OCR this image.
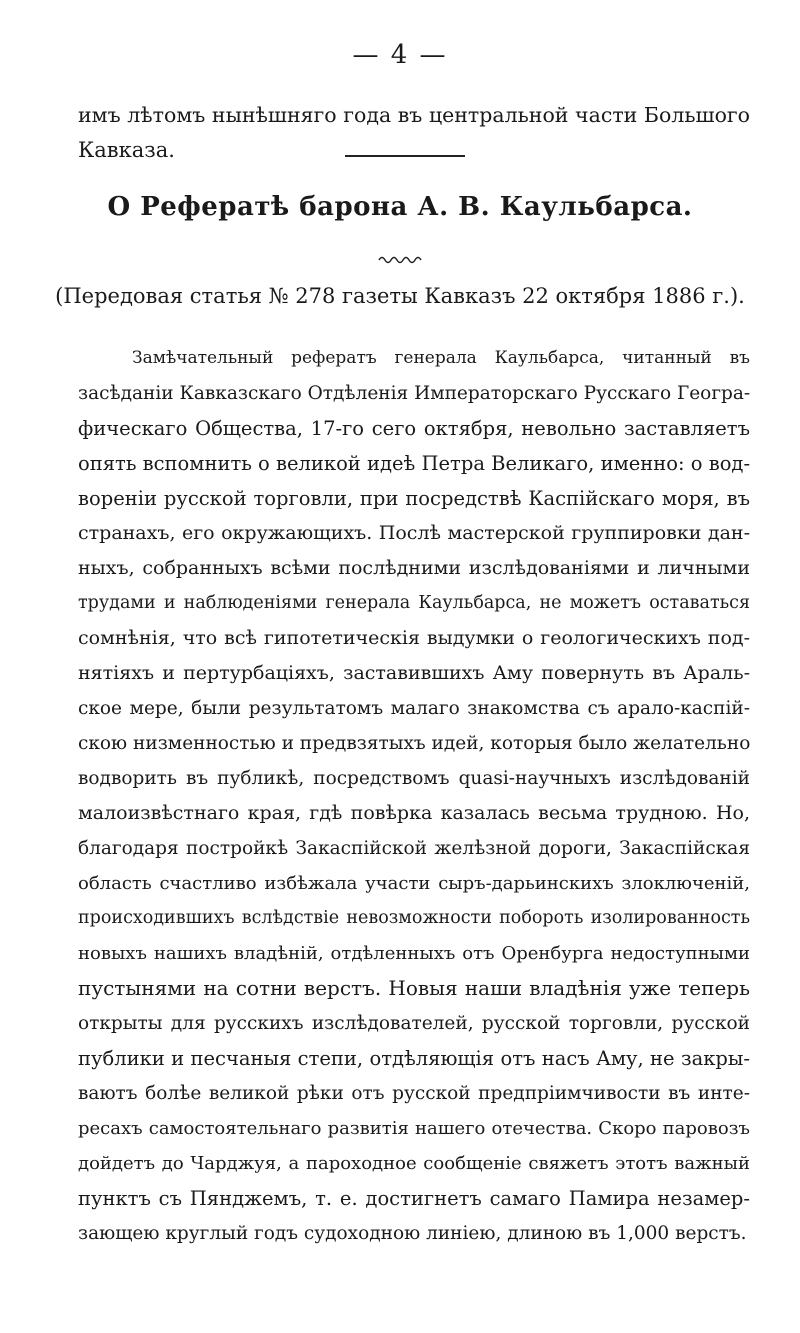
— 4 —
имъ лѣтомъ нынѣшняго года въ центральной части Большого
Кавказа.
О Рефератѣ барона А. В. Каульбарса.
(Передовая статья № 278 газеты Кавказъ 22 октября 1886 г.).
Замѣчательный рефератъ генерала Каульбарса, читанный въ
засѣданіи Кавказскаго Отдѣленія Императорскаго Русскаго Геогра-
фическаго Общества, 17-го сего октября, невольно заставляетъ
опять вспомнить о великой идеѣ Петра Великаго, именно: о вод-
вореніи русской торговли, при посредствѣ Каспійскаго моря, въ
странахъ, его окружающихъ. Послѣ мастерской группировки дан-
ныхъ, собранныхъ всѣми послѣдними изслѣдованіями и личными
трудами и наблюденіями генерала Каульбарса, не можетъ оставаться
сомнѣнія, что всѣ гипотетическія выдумки о геологическихъ под-
нятіяхъ и пертурбаціяхъ, заставившихъ Аму повернуть въ Араль-
ское мере, были результатомъ малаго знакомства съ арало-каспій-
скою низменностью и предвзятыхъ идей, которыя было желательно
водворить въ публикѣ, посредствомъ quasi-научныхъ изслѣдованій
малоизвѣстнаго края, гдѣ повѣрка казалась весьма трудною. Но,
благодаря постройкѣ Закаспійской желѣзной дороги, Закаспійская
область счастливо избѣжала участи сыръ-дарьинскихъ злоключеній,
происходившихъ вслѣдствіе невозможности побороть изолированность
новыхъ нашихъ владѣній, отдѣленныхъ отъ Оренбурга недоступными
пустынями на сотни верстъ. Новыя наши владѣнія уже теперь
открыты для русскихъ изслѣдователей, русской торговли, русской
публики и песчаныя степи, отдѣляющія отъ насъ Аму, не закры-
ваютъ болѣе великой рѣки отъ русской предпріимчивости въ инте-
ресахъ самостоятельнаго развитія нашего отечества. Скоро паровозъ
дойдетъ до Чарджуя, а пароходное сообщеніе свяжетъ этотъ важный
пунктъ съ Пянджемъ, т. е. достигнетъ самаго Памира незамер-
зающею круглый годъ судоходною линіею, длиною въ 1,000 верстъ.
